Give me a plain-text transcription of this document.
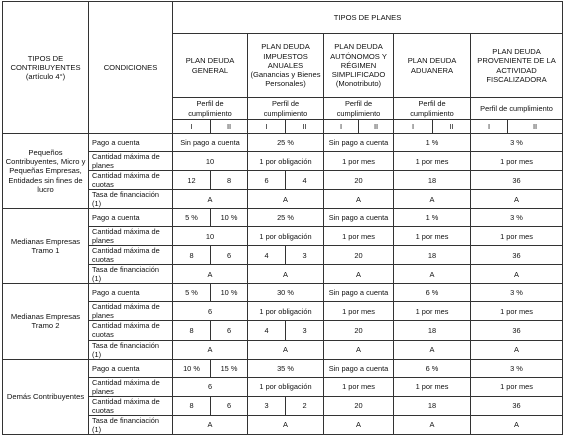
TIPOS DE CONTRIBUYENTES (artículo 4°)	CONDICIONES	TIPOS DE PLANES									
		PLAN DEUDA GENERAL		PLAN DEUDA IMPUESTOS ANUALES (Ganancias y Bienes Personales)		PLAN DEUDA AUTÓNOMOS Y RÉGIMEN SIMPLIFICADO (Monotributo)		PLAN DEUDA ADUANERA		PLAN DEUDA PROVENIENTE DE LA ACTIVIDAD FISCALIZADORA	
		Perfil de cumplimiento		Perfil de cumplimiento		Perfil de cumplimiento		Perfil de cumplimiento		Perfil de cumplimiento	
		I	II	I	II	I	II	I	II	I	II
Pequeños Contribuyentes, Micro y Pequeñas Empresas, Entidades sin fines de lucro	Pago a cuenta	Sin pago a cuenta		25 %		Sin pago a cuenta		1 %		3 %	
	Cantidad máxima de planes	10		1 por obligación		1 por mes		1 por mes		1 por mes	
	Cantidad máxima de cuotas	12	8	6	4	20		18		36	
	Tasa de financiación (1)	A		A		A		A		A	
Medianas Empresas Tramo 1	Pago a cuenta	5 %	10 %	25 %		Sin pago a cuenta		1 %		3 %	
	Cantidad máxima de planes	10		1 por obligación		1 por mes		1 por mes		1 por mes	
	Cantidad máxima de cuotas	8	6	4	3	20		18		36	
	Tasa de financiación (1)	A		A		A		A		A	
Medianas Empresas Tramo 2	Pago a cuenta	5 %	10 %	30 %		Sin pago a cuenta		6 %		3 %	
	Cantidad máxima de planes	6		1 por obligación		1 por mes		1 por mes		1 por mes	
	Cantidad máxima de cuotas	8	6	4	3	20		18		36	
	Tasa de financiación (1)	A		A		A		A		A	
Demás Contribuyentes	Pago a cuenta	10 %	15 %	35 %		Sin pago a cuenta		6 %		3 %	
	Cantidad máxima de planes	6		1 por obligación		1 por mes		1 por mes		1 por mes	
	Cantidad máxima de cuotas	8	6	3	2	20		18		36	
	Tasa de financiación (1)	A		A		A		A		A	
